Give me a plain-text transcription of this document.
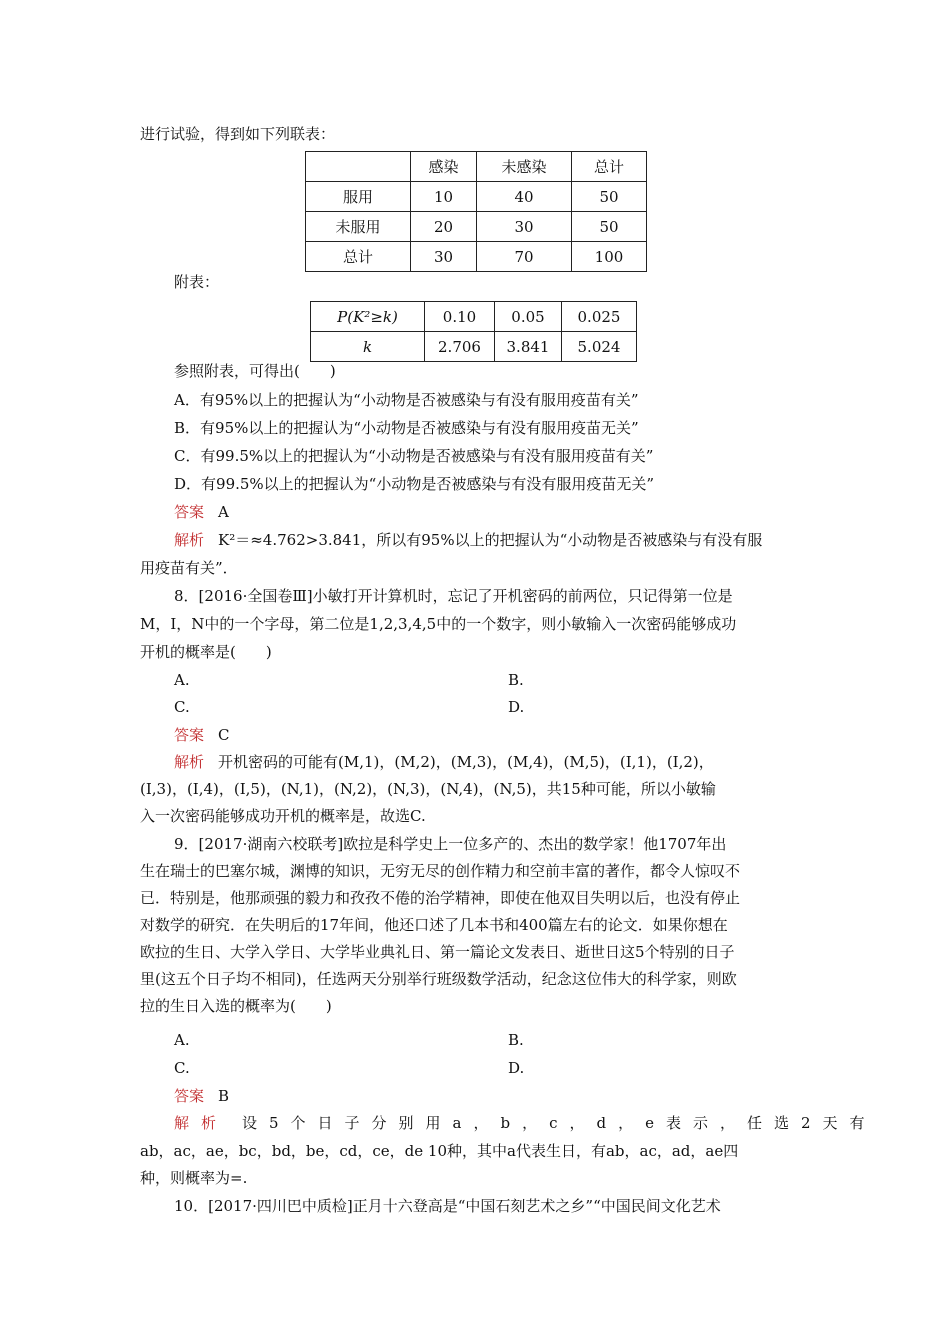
进行试验，得到如下列联表：
	感染	未感染	总计
服用	10	40	50
未服用	20	30	50
总计	30	70	100
附表：
P(K²≥k)	0.10	0.05	0.025
k	2.706	3.841	5.024
参照附表，可得出(　　)
A．有95%以上的把握认为“小动物是否被感染与有没有服用疫苗有关”
B．有95%以上的把握认为“小动物是否被感染与有没有服用疫苗无关”
C．有99.5%以上的把握认为“小动物是否被感染与有没有服用疫苗有关”
D．有99.5%以上的把握认为“小动物是否被感染与有没有服用疫苗无关”
答案 A
解析 K²＝≈4.762>3.841，所以有95%以上的把握认为“小动物是否被感染与有没有服
用疫苗有关”．
8．[2016·全国卷Ⅲ]小敏打开计算机时，忘记了开机密码的前两位，只记得第一位是
M，I，N中的一个字母，第二位是1,2,3,4,5中的一个数字，则小敏输入一次密码能够成功
开机的概率是(　　)
A.	B.
C.	D.
答案 C
解析 开机密码的可能有(M,1)，(M,2)，(M,3)，(M,4)，(M,5)，(I,1)，(I,2)，
(I,3)，(I,4)，(I,5)，(N,1)，(N,2)，(N,3)，(N,4)，(N,5)，共15种可能，所以小敏输
入一次密码能够成功开机的概率是，故选C.
9．[2017·湖南六校联考]欧拉是科学史上一位多产的、杰出的数学家！他1707年出
生在瑞士的巴塞尔城，渊博的知识，无穷无尽的创作精力和空前丰富的著作，都令人惊叹不
已．特别是，他那顽强的毅力和孜孜不倦的治学精神，即使在他双目失明以后，也没有停止
对数学的研究．在失明后的17年间，他还口述了几本书和400篇左右的论文．如果你想在
欧拉的生日、大学入学日、大学毕业典礼日、第一篇论文发表日、逝世日这5个特别的日子
里(这五个日子均不相同)，任选两天分别举行班级数学活动，纪念这位伟大的科学家，则欧
拉的生日入选的概率为(　　)
A.	B.
C.	D.
答案 B
解析 设5个日子分别用a，b，c，d，e表示，任选2天有
ab，ac，ae，bc，bd，be，cd，ce，de 10种，其中a代表生日，有ab，ac，ad，ae四
种，则概率为=.
10．[2017·四川巴中质检]正月十六登高是“中国石刻艺术之乡”“中国民间文化艺术
